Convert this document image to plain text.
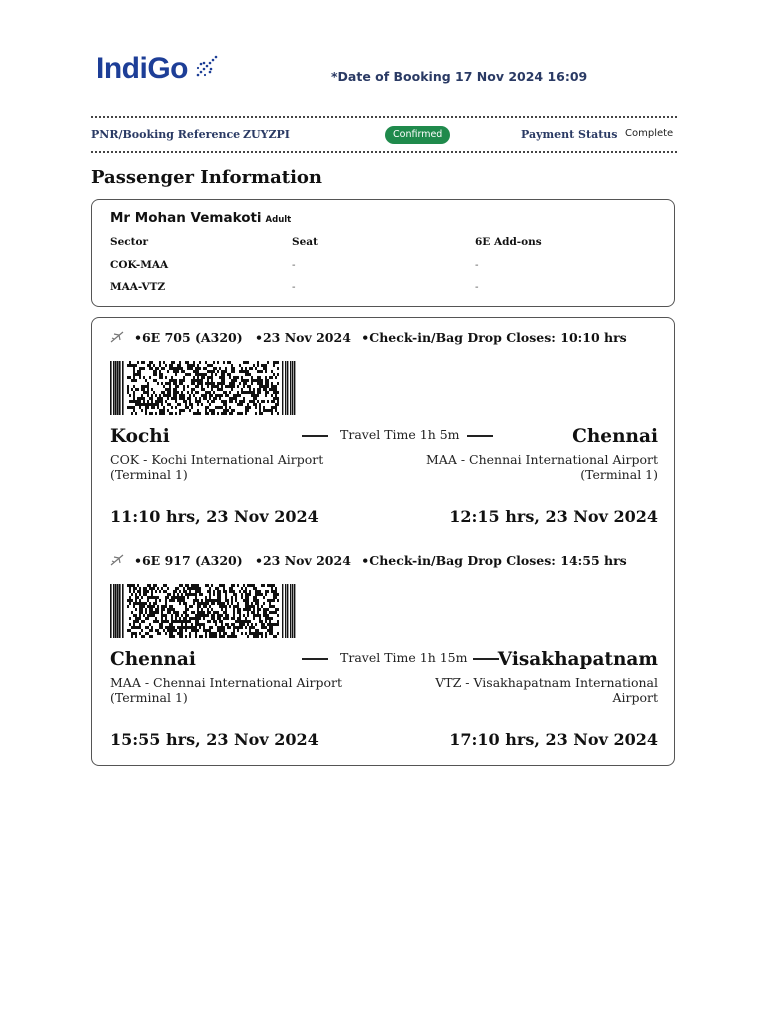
IndiGo	*Date of Booking 17 Nov 2024 16:09
PNR/Booking Reference ZUYZPI	Confirmed	Payment Status Complete
Passenger Information
Mr Mohan Vemakoti Adult
Sector	Seat	6E Add-ons
COK-MAA	-	-
MAA-VTZ	-	-
•6E 705 (A320) •23 Nov 2024 •Check-in/Bag Drop Closes: 10:10 hrs
Kochi	Travel Time 1h 5m	Chennai
COK - Kochi International Airport
(Terminal 1)
MAA - Chennai International Airport
(Terminal 1)
11:10 hrs, 23 Nov 2024	12:15 hrs, 23 Nov 2024
•6E 917 (A320) •23 Nov 2024 •Check-in/Bag Drop Closes: 14:55 hrs
Chennai	Travel Time 1h 15m Visakhapatnam
MAA - Chennai International Airport
(Terminal 1)
VTZ - Visakhapatnam International
Airport
15:55 hrs, 23 Nov 2024	17:10 hrs, 23 Nov 2024
